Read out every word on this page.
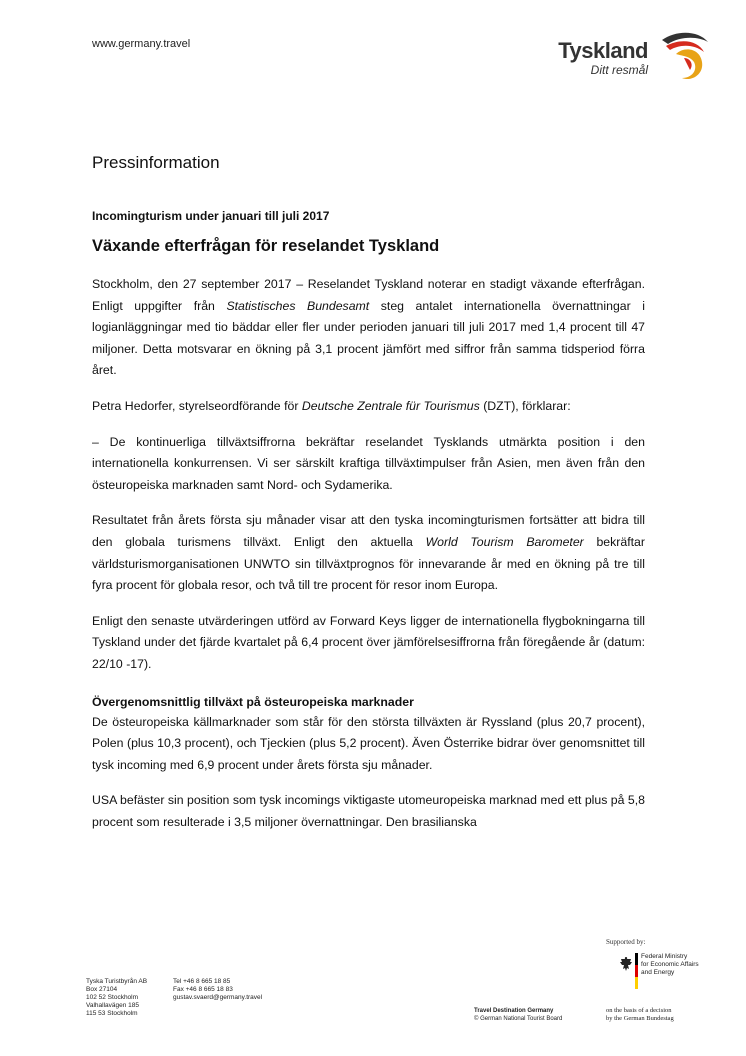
www.germany.travel	Tyskland
Ditt resmål
Pressinformation
Incomingturism under januari till juli 2017
Växande efterfrågan för reselandet Tyskland
Stockholm, den 27 september 2017 – Reselandet Tyskland noterar en stadigt växande efterfrågan. Enligt uppgifter från Statistisches Bundesamt steg antalet internationella övernattningar i logianläggningar med tio bäddar eller fler under perioden januari till juli 2017 med 1,4 procent till 47 miljoner. Detta motsvarar en ökning på 3,1 procent jämfört med siffror från samma tidsperiod förra året.
Petra Hedorfer, styrelseordförande för Deutsche Zentrale für Tourismus (DZT), förklarar:
– De kontinuerliga tillväxtsiffrorna bekräftar reselandet Tysklands utmärkta position i den internationella konkurrensen. Vi ser särskilt kraftiga tillväxtimpulser från Asien, men även från den östeuropeiska marknaden samt Nord- och Sydamerika.
Resultatet från årets första sju månader visar att den tyska incomingturismen fortsätter att bidra till den globala turismens tillväxt. Enligt den aktuella World Tourism Barometer bekräftar världsturismorganisationen UNWTO sin tillväxtprognos för innevarande år med en ökning på tre till fyra procent för globala resor, och två till tre procent för resor inom Europa.
Enligt den senaste utvärderingen utförd av Forward Keys ligger de internationella flygbokningarna till Tyskland under det fjärde kvartalet på 6,4 procent över jämförelsesiffrorna från föregående år (datum: 22/10 -17).
Övergenomsnittlig tillväxt på östeuropeiska marknader
De östeuropeiska källmarknader som står för den största tillväxten är Ryssland (plus 20,7 procent), Polen (plus 10,3 procent), och Tjeckien (plus 5,2 procent). Även Österrike bidrar över genomsnittet till tysk incoming med 6,9 procent under årets första sju månader.
USA befäster sin position som tysk incomings viktigaste utomeuropeiska marknad med ett plus på 5,8 procent som resulterade i 3,5 miljoner övernattningar. Den brasilianska
Supported by:
Federal Ministry
for Economic Affairs
and Energy
Tyska Turistbyrån AB
Box 27104
102 52 Stockholm
Valhallavägen 185
115 53 Stockholm
Tel +46 8 665 18 85
Fax +46 8 665 18 83
gustav.svaerd@germany.travel
Travel Destination Germany
© German National Tourist Board
on the basis of a decision
by the German Bundestag
